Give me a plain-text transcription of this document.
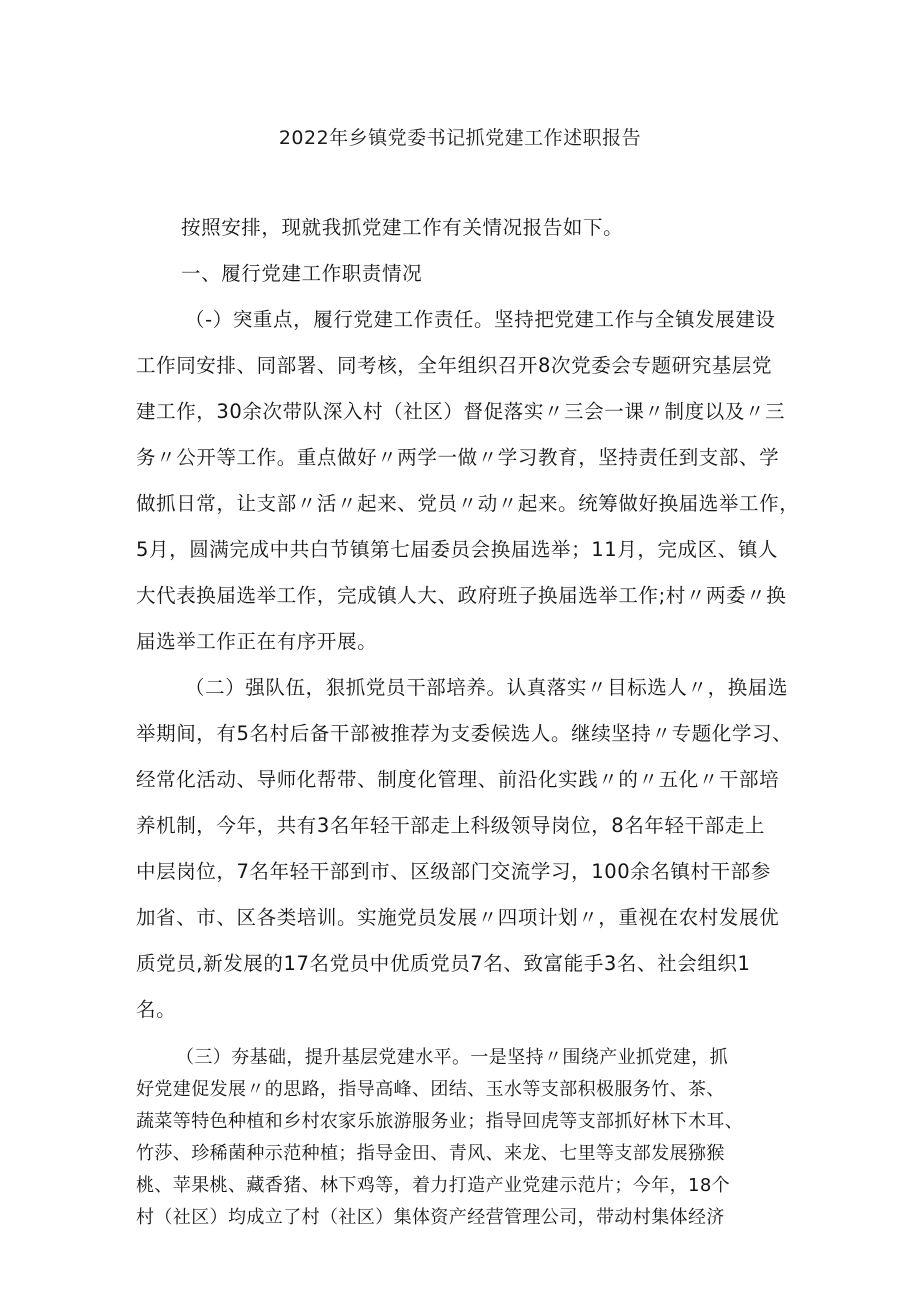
2022年乡镇党委书记抓党建工作述职报告
按照安排，现就我抓党建工作有关情况报告如下。
一、履行党建工作职责情况
（-）突重点，履行党建工作责任。坚持把党建工作与全镇发展建设
工作同安排、同部署、同考核，全年组织召开8次党委会专题研究基层党
建工作，30余次带队深入村（社区）督促落实〃三会一课〃制度以及〃三
务〃公开等工作。重点做好〃两学一做〃学习教育，坚持责任到支部、学
做抓日常，让支部〃活〃起来、党员〃动〃起来。统筹做好换届选举工作，
5月，圆满完成中共白节镇第七届委员会换届选举；11月，完成区、镇人
大代表换届选举工作，完成镇人大、政府班子换届选举工作;村〃两委〃换
届选举工作正在有序开展。
（二）强队伍，狠抓党员干部培养。认真落实〃目标选人〃，换届选
举期间，有5名村后备干部被推荐为支委候选人。继续坚持〃专题化学习、
经常化活动、导师化帮带、制度化管理、前沿化实践〃的〃五化〃干部培
养机制，今年，共有3名年轻干部走上科级领导岗位，8名年轻干部走上
中层岗位，7名年轻干部到市、区级部门交流学习，100余名镇村干部参
加省、市、区各类培训。实施党员发展〃四项计划〃，重视在农村发展优
质党员,新发展的17名党员中优质党员7名、致富能手3名、社会组织1
名。
（三）夯基础，提升基层党建水平。一是坚持〃围绕产业抓党建，抓
好党建促发展〃的思路，指导高峰、团结、玉水等支部积极服务竹、茶、
蔬菜等特色种植和乡村农家乐旅游服务业；指导回虎等支部抓好林下木耳、
竹莎、珍稀菌种示范种植；指导金田、青风、来龙、七里等支部发展猕猴
桃、苹果桃、藏香猪、林下鸡等，着力打造产业党建示范片；今年，18个
村（社区）均成立了村（社区）集体资产经营管理公司，带动村集体经济
